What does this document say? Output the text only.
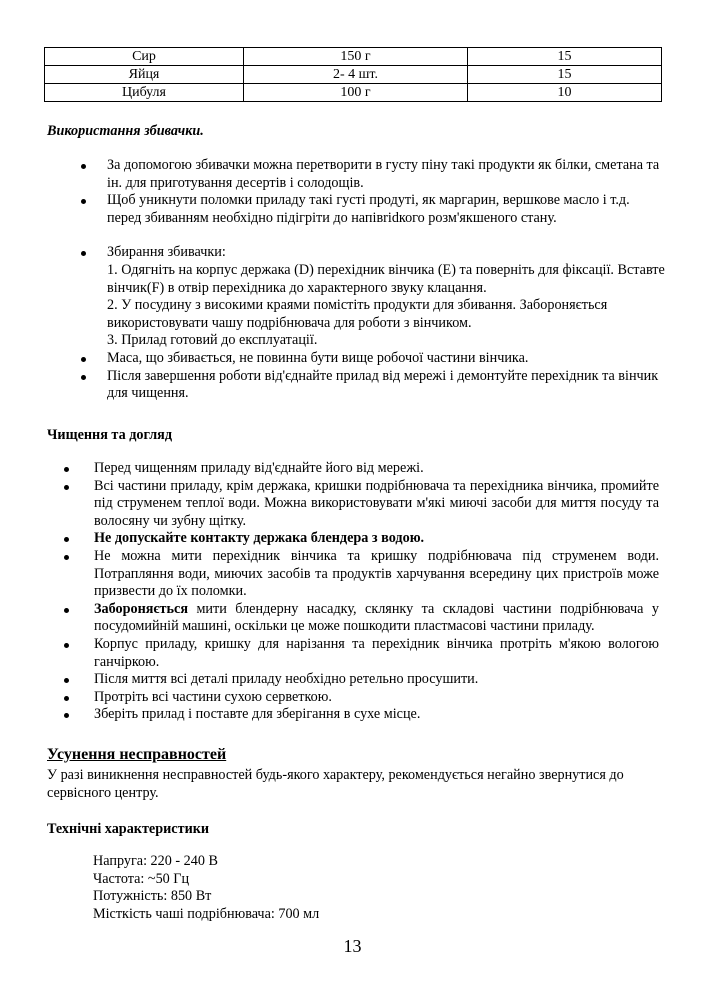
Сир	150 г	15
Яйця	2- 4 шт.	15
Цибуля	100 г	10
Використання збивачки.
За допомогою збивачки можна перетворити в густу піну такі продукти як білки, сметана та ін. для приготування десертів і солодощів.
Щоб уникнути поломки приладу такі густі продуті, як маргарин, вершкове масло і т.д. перед збиванням необхідно підігріти до напівridкого розм'якшеного стану.
Збирання збивачки:
1. Одягніть на корпус держака (D) перехідник вінчика (Е) та поверніть для фіксації. Вставте вінчик(F) в отвір перехідника до характерного звуку клацання.
2. У посудину з високими краями помістіть продукти для збивання. Забороняється використовувати чашу подрібнювача для роботи з вінчиком.
3. Прилад готовий до експлуатації.
Маса, що збивається, не повинна бути вище робочої частини вінчика.
Після завершення роботи від'єднайте прилад від мережі і демонтуйте перехідник та вінчик для чищення.
Чищення та догляд
Перед чищенням приладу від'єднайте його від мережі.
Всі частини приладу, крім держака, кришки подрібнювача та перехідника вінчика, промийте під струменем теплої води. Можна використовувати м'які миючі засоби для миття посуду та волосяну чи зубну щітку.
Не допускайте контакту держака блендера з водою.
Не можна мити перехідник вінчика та кришку подрібнювача під струменем води. Потрапляння води, миючих засобів та продуктів харчування всередину цих пристроїв може призвести до їх поломки.
Забороняється мити блендерну насадку, склянку та складові частини подрібнювача у посудомийній машині, оскільки це може пошкодити пластмасові частини приладу.
Корпус приладу, кришку для нарізання та перехідник вінчика протріть м'якою вологою ганчіркою.
Після миття всі деталі приладу необхідно ретельно просушити.
Протріть всі частини сухою серветкою.
Зберіть прилад і поставте для зберігання в сухе місце.
Усунення несправностей
У разі виникнення несправностей будь-якого характеру, рекомендується негайно звернутися до сервісного центру.
Технічні характеристики
Напруга: 220 - 240 В
Частота: ~50 Гц
Потужність: 850 Вт
Місткість чаші подрібнювача: 700 мл
13
